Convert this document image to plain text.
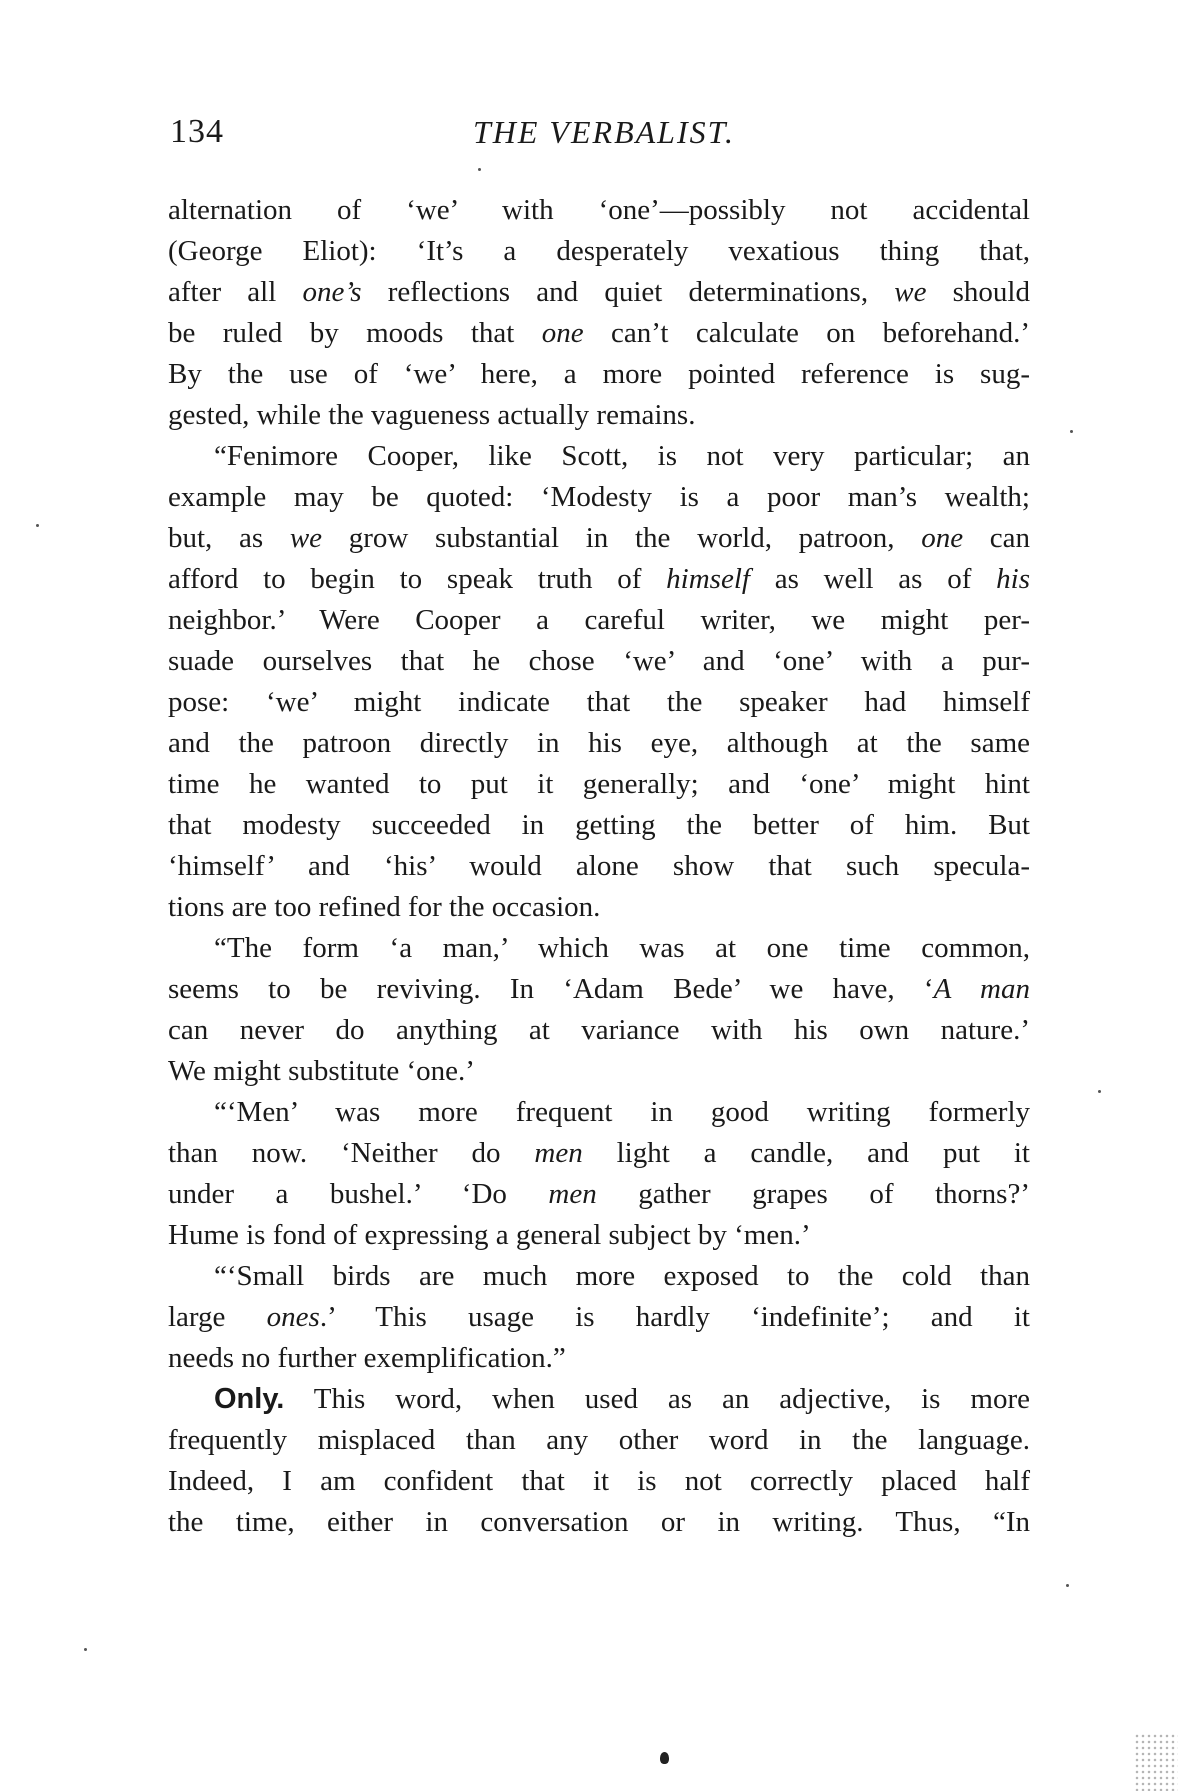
134	THE VERBALIST.
alternation of ‘we’ with ‘one’—possibly not accidental
(George Eliot): ‘It’s a desperately vexatious thing that,
after all one’s reflections and quiet determinations, we should
be ruled by moods that one can’t calculate on beforehand.’
By the use of ‘we’ here, a more pointed reference is sug-
gested, while the vagueness actually remains.
“Fenimore Cooper, like Scott, is not very particular; an
example may be quoted: ‘Modesty is a poor man’s wealth;
but, as we grow substantial in the world, patroon, one can
afford to begin to speak truth of himself as well as of his
neighbor.’ Were Cooper a careful writer, we might per-
suade ourselves that he chose ‘we’ and ‘one’ with a pur-
pose: ‘we’ might indicate that the speaker had himself
and the patroon directly in his eye, although at the same
time he wanted to put it generally; and ‘one’ might hint
that modesty succeeded in getting the better of him. But
‘himself’ and ‘his’ would alone show that such specula-
tions are too refined for the occasion.
“The form ‘a man,’ which was at one time common,
seems to be reviving. In ‘Adam Bede’ we have, ‘A man
can never do anything at variance with his own nature.’
We might substitute ‘one.’
“‘Men’ was more frequent in good writing formerly
than now. ‘Neither do men light a candle, and put it
under a bushel.’ ‘Do men gather grapes of thorns?’
Hume is fond of expressing a general subject by ‘men.’
“‘Small birds are much more exposed to the cold than
large ones.’ This usage is hardly ‘indefinite’; and it
needs no further exemplification.”
Only. This word, when used as an adjective, is more
frequently misplaced than any other word in the language.
Indeed, I am confident that it is not correctly placed half
the time, either in conversation or in writing. Thus, “In
